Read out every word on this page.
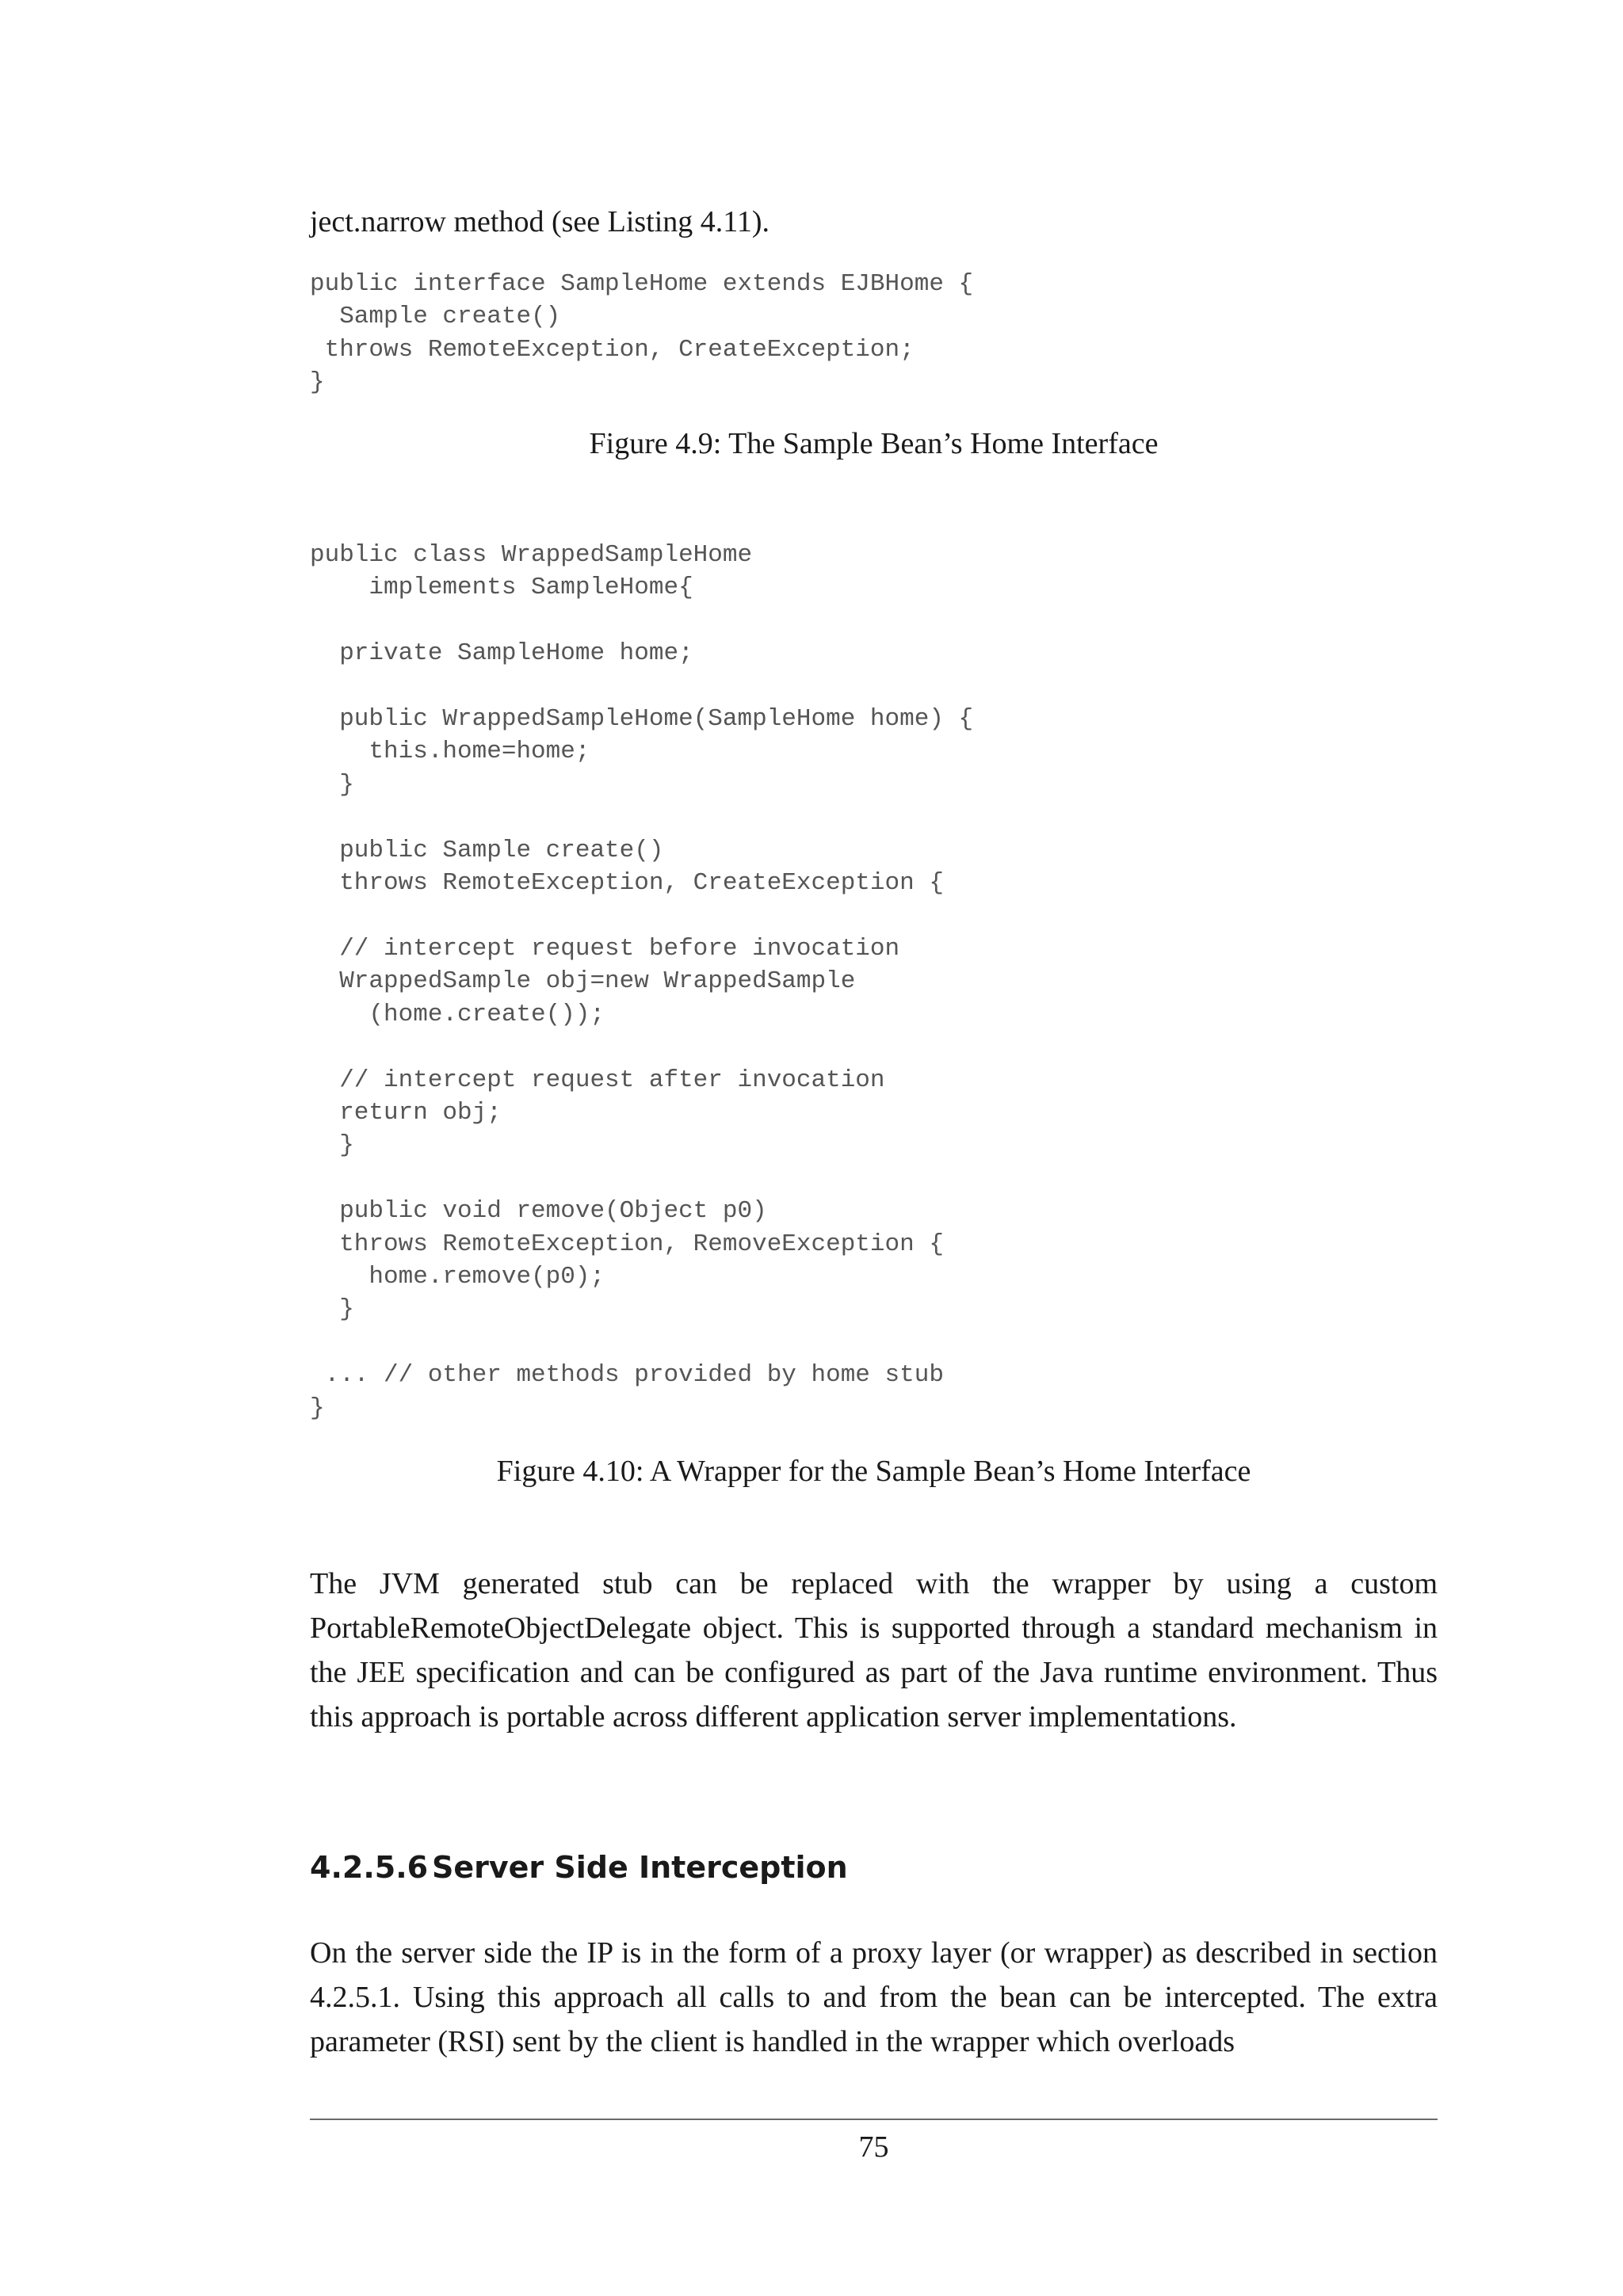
ject.narrow method (see Listing 4.11).
public interface SampleHome extends EJBHome {
Sample create()
throws RemoteException, CreateException;
}
Figure 4.9: The Sample Bean’s Home Interface
public class WrappedSampleHome
implements SampleHome{

private SampleHome home;

public WrappedSampleHome(SampleHome home) {
this.home=home;
}

public Sample create()
throws RemoteException, CreateException {

// intercept request before invocation
WrappedSample obj=new WrappedSample
(home.create());

// intercept request after invocation
return obj;
}

public void remove(Object p0)
throws RemoteException, RemoveException {
home.remove(p0);
}

... // other methods provided by home stub
}
Figure 4.10: A Wrapper for the Sample Bean’s Home Interface

The JVM generated stub can be replaced with the wrapper by using a custom PortableRemoteObjectDelegate object. This is supported through a standard mechanism in the JEE specification and can be configured as part of the Java runtime environment. Thus this approach is portable across different application server implementations.

4.2.5.6 Server Side Interception

On the server side the IP is in the form of a proxy layer (or wrapper) as described in section 4.2.5.1. Using this approach all calls to and from the bean can be intercepted. The extra parameter (RSI) sent by the client is handled in the wrapper which overloads

75
